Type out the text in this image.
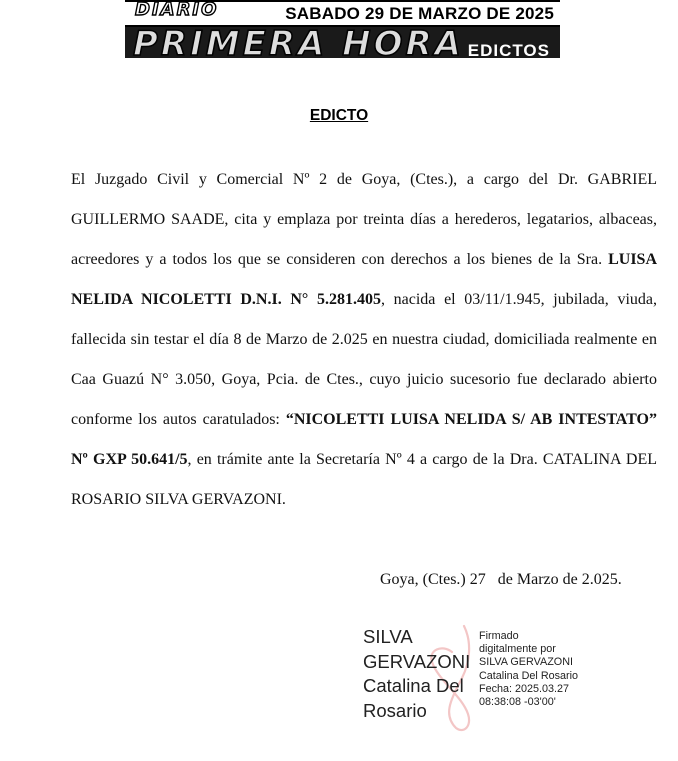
DIARIO	SABADO 29 DE MARZO DE 2025
PRIMERA HORA EDICTOS
EDICTO
El Juzgado Civil y Comercial Nº 2 de Goya, (Ctes.), a cargo del Dr. GABRIEL GUILLERMO SAADE, cita y emplaza por treinta días a herederos, legatarios, albaceas, acreedores y a todos los que se consideren con derechos a los bienes de la Sra. LUISA NELIDA NICOLETTI D.N.I. N° 5.281.405, nacida el 03/11/1.945, jubilada, viuda, fallecida sin testar el día 8 de Marzo de 2.025 en nuestra ciudad, domiciliada realmente en Caa Guazú N° 3.050, Goya, Pcia. de Ctes., cuyo juicio sucesorio fue declarado abierto conforme los autos caratulados: “NICOLETTI LUISA NELIDA S/ AB INTESTATO” Nº GXP 50.641/5, en trámite ante la Secretaría Nº 4 a cargo de la Dra. CATALINA DEL ROSARIO SILVA GERVAZONI.
Goya, (Ctes.) 27   de Marzo de 2.025.
SILVA
GERVAZONI
Catalina Del
Rosario
Firmado
digitalmente por
SILVA GERVAZONI
Catalina Del Rosario
Fecha: 2025.03.27
08:38:08 -03'00'
